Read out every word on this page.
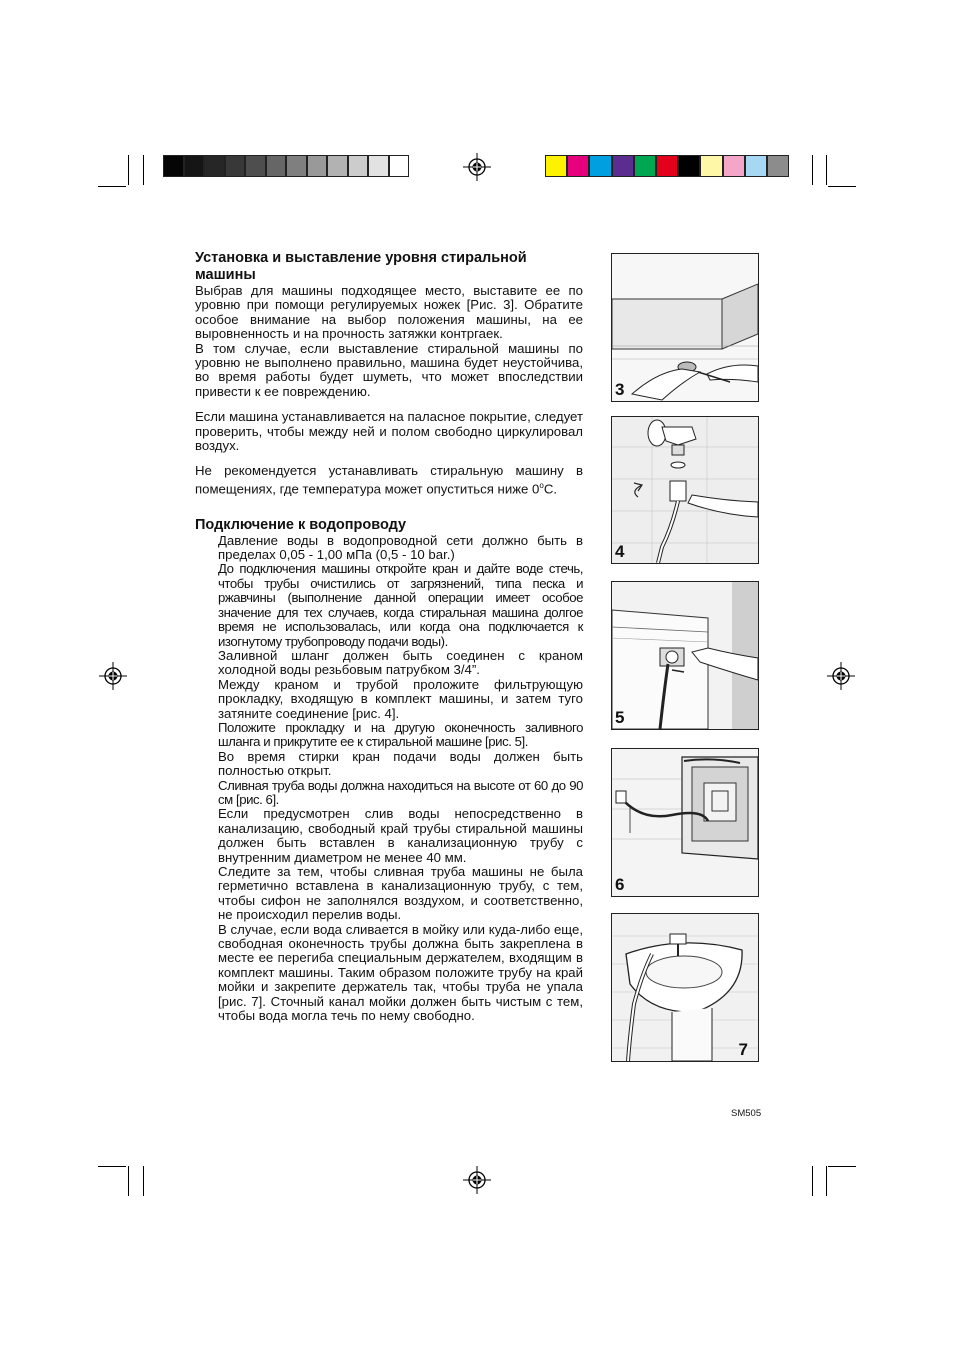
Установка и выставление уровня стиральной машины

Выбрав для машины подходящее место, выставите ее по уровню при помощи регулируемых ножек [Рис. 3]. Обратите особое внимание на выбор положения машины, на ее выровненность и на прочность затяжки контргаек.

В том случае, если выставление стиральной машины по уровню не выполнено правильно, машина будет неустойчива, во время работы будет шуметь, что может впоследствии привести к ее повреждению.

Если машина устанавливается на паласное покрытие, следует проверить, чтобы между ней и полом свободно циркулировал воздух.

Не рекомендуется устанавливать стиральную машину в помещениях, где температура может опуститься ниже 0$^o$C.

Подключение к водопроводу

Давление воды в водопроводной сети должно быть в пределах 0,05 - 1,00 мПа (0,5 - 10 bar.)

До подключения машины откройте кран и дайте воде стечь, чтобы трубы очистились от загрязнений, типа песка и ржавчины (выполнение данной операции имеет особое значение для тех случаев, когда стиральная машина долгое время не использовалась, или когда она подключается к изогнутому трубопроводу подачи воды).

Заливной шланг должен быть соединен с краном холодной воды резьбовым патрубком 3/4”.

Между краном и трубой проложите фильтрующую прокладку, входящую в комплект машины, и затем туго затяните соединение [рис. 4].

Положите прокладку и на другую оконечность заливного шланга и прикрутите ее к стиральной машине [рис. 5].

Во время стирки кран подачи воды должен быть полностью открыт.

Сливная труба воды должна находиться на высоте от 60 до 90 см [рис. 6].

Если предусмотрен слив воды непосредственно в канализацию, свободный край трубы стиральной машины должен быть вставлен в канализационную трубу с внутренним диаметром не менее 40 мм.

Следите за тем, чтобы сливная труба машины не была герметично вставлена в канализационную трубу, с тем, чтобы сифон не заполнялся воздухом, и соответственно, не происходил перелив воды.

В случае, если вода сливается в мойку или куда-либо еще, свободная оконечность трубы должна быть закреплена в месте ее перегиба специальным держателем, входящим в комплект машины. Таким образом положите трубу на край мойки и закрепите держатель так, чтобы труба не упала [рис. 7]. Сточный канал мойки должен быть чистым с тем, чтобы вода могла течь по нему свободно.

3
4
5
6
7
SM505
